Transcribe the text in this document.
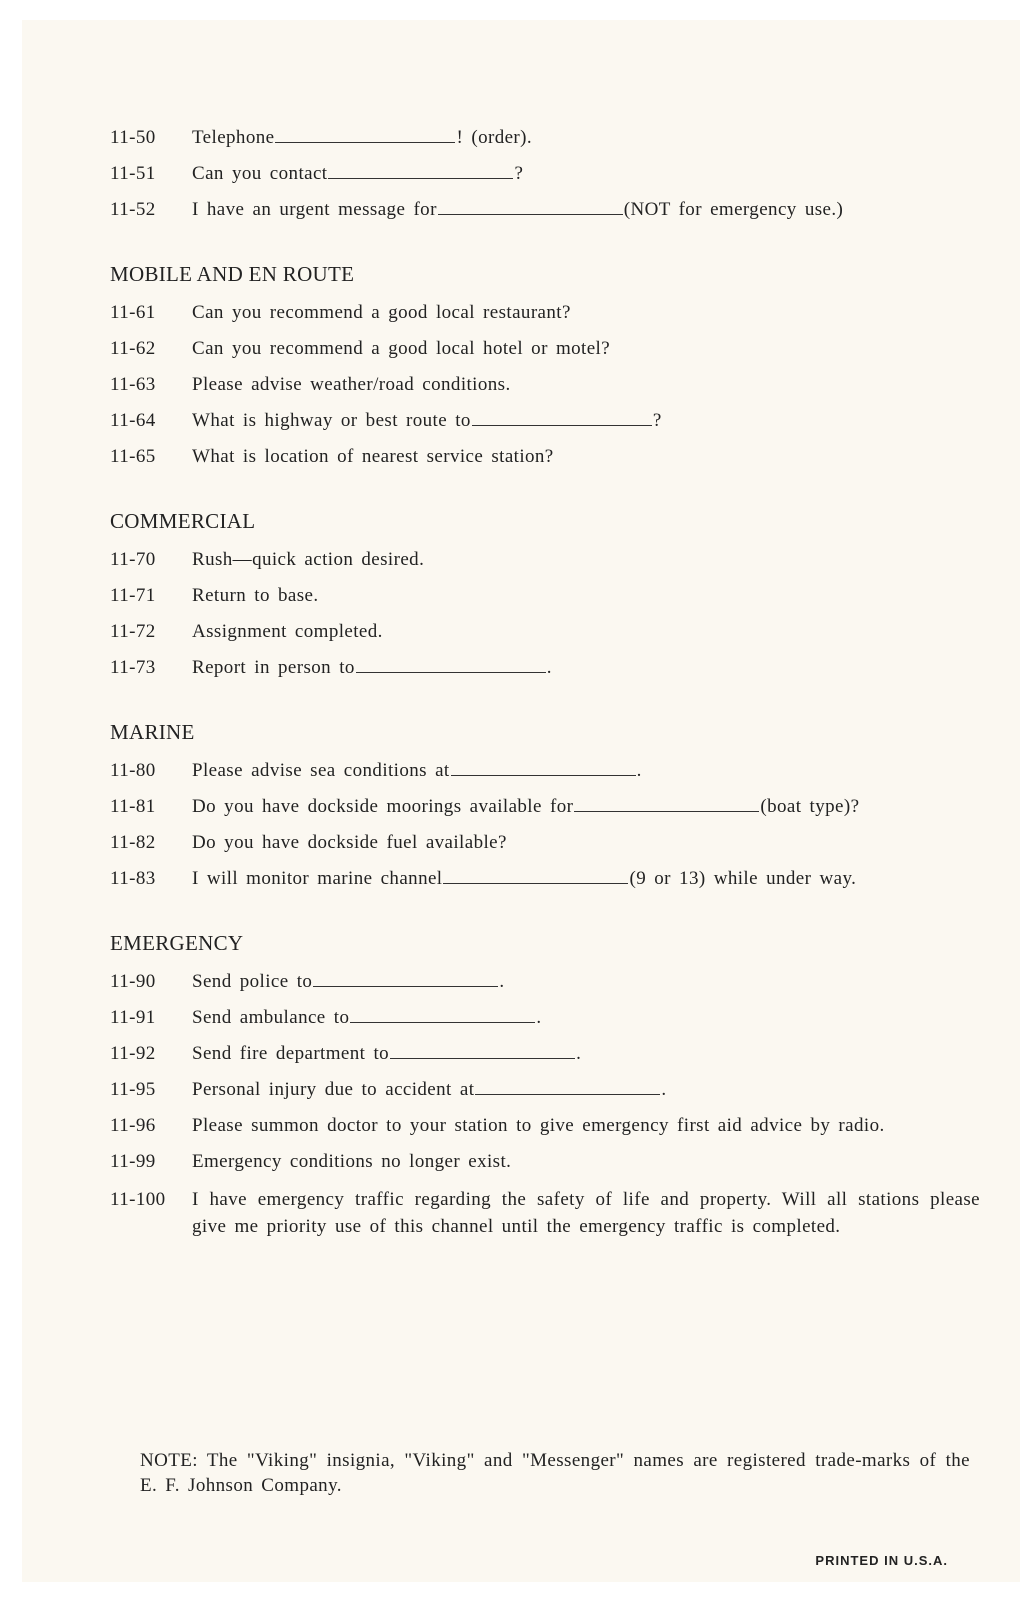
11-50	Telephone	! (order).
11-51	Can you contact	?
11-52	I have an urgent message for	(NOT for emergency use.)
MOBILE AND EN ROUTE
11-61	Can you recommend a good local restaurant?
11-62	Can you recommend a good local hotel or motel?
11-63	Please advise weather/road conditions.
11-64	What is highway or best route to	?
11-65	What is location of nearest service station?
COMMERCIAL
11-70	Rush—quick action desired.
11-71	Return to base.
11-72	Assignment completed.
11-73	Report in person to	.
MARINE
11-80	Please advise sea conditions at	.
11-81	Do you have dockside moorings available for	(boat type)?
11-82	Do you have dockside fuel available?
11-83	I will monitor marine channel	(9 or 13) while under way.
EMERGENCY
11-90	Send police to	.
11-91	Send ambulance to	.
11-92	Send fire department to	.
11-95	Personal injury due to accident at	.
11-96	Please summon doctor to your station to give emergency first aid advice by radio.
11-99	Emergency conditions no longer exist.
11-100	I have emergency traffic regarding the safety of life and property. Will all stations please give me priority use of this channel until the emergency traffic is completed.
NOTE: The "Viking" insignia, "Viking" and "Messenger" names are registered trade-marks of the E. F. Johnson Company.
PRINTED IN U.S.A.
